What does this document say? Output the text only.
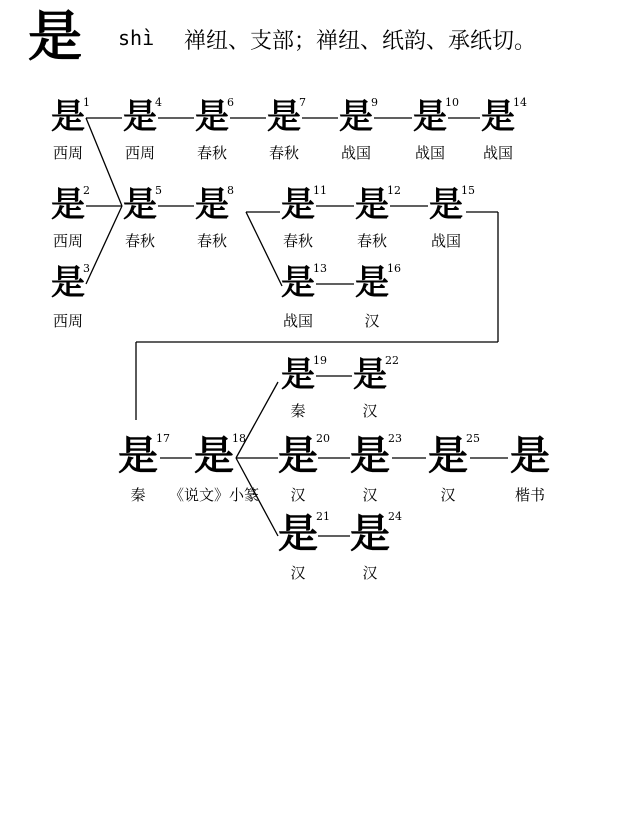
是 shì 禅纽、支部；禅纽、纸韵、承纸切。
是
1
西周
是
2
西周
是
3
西周
是
4
西周
是
5
春秋
是
6
春秋
是
7
春秋
是
8
春秋
是
9
战国
是
10
战国
是
11
春秋
是
12
春秋
是
13
战国
是
14
战国
是
15
战国
是
16
汉
是
17
秦
是
18
《说文》小篆
是
19
秦
是
20
汉
是
21
汉
是
22
汉
是
23
汉
是
24
汉
是
25
汉
是
楷书
